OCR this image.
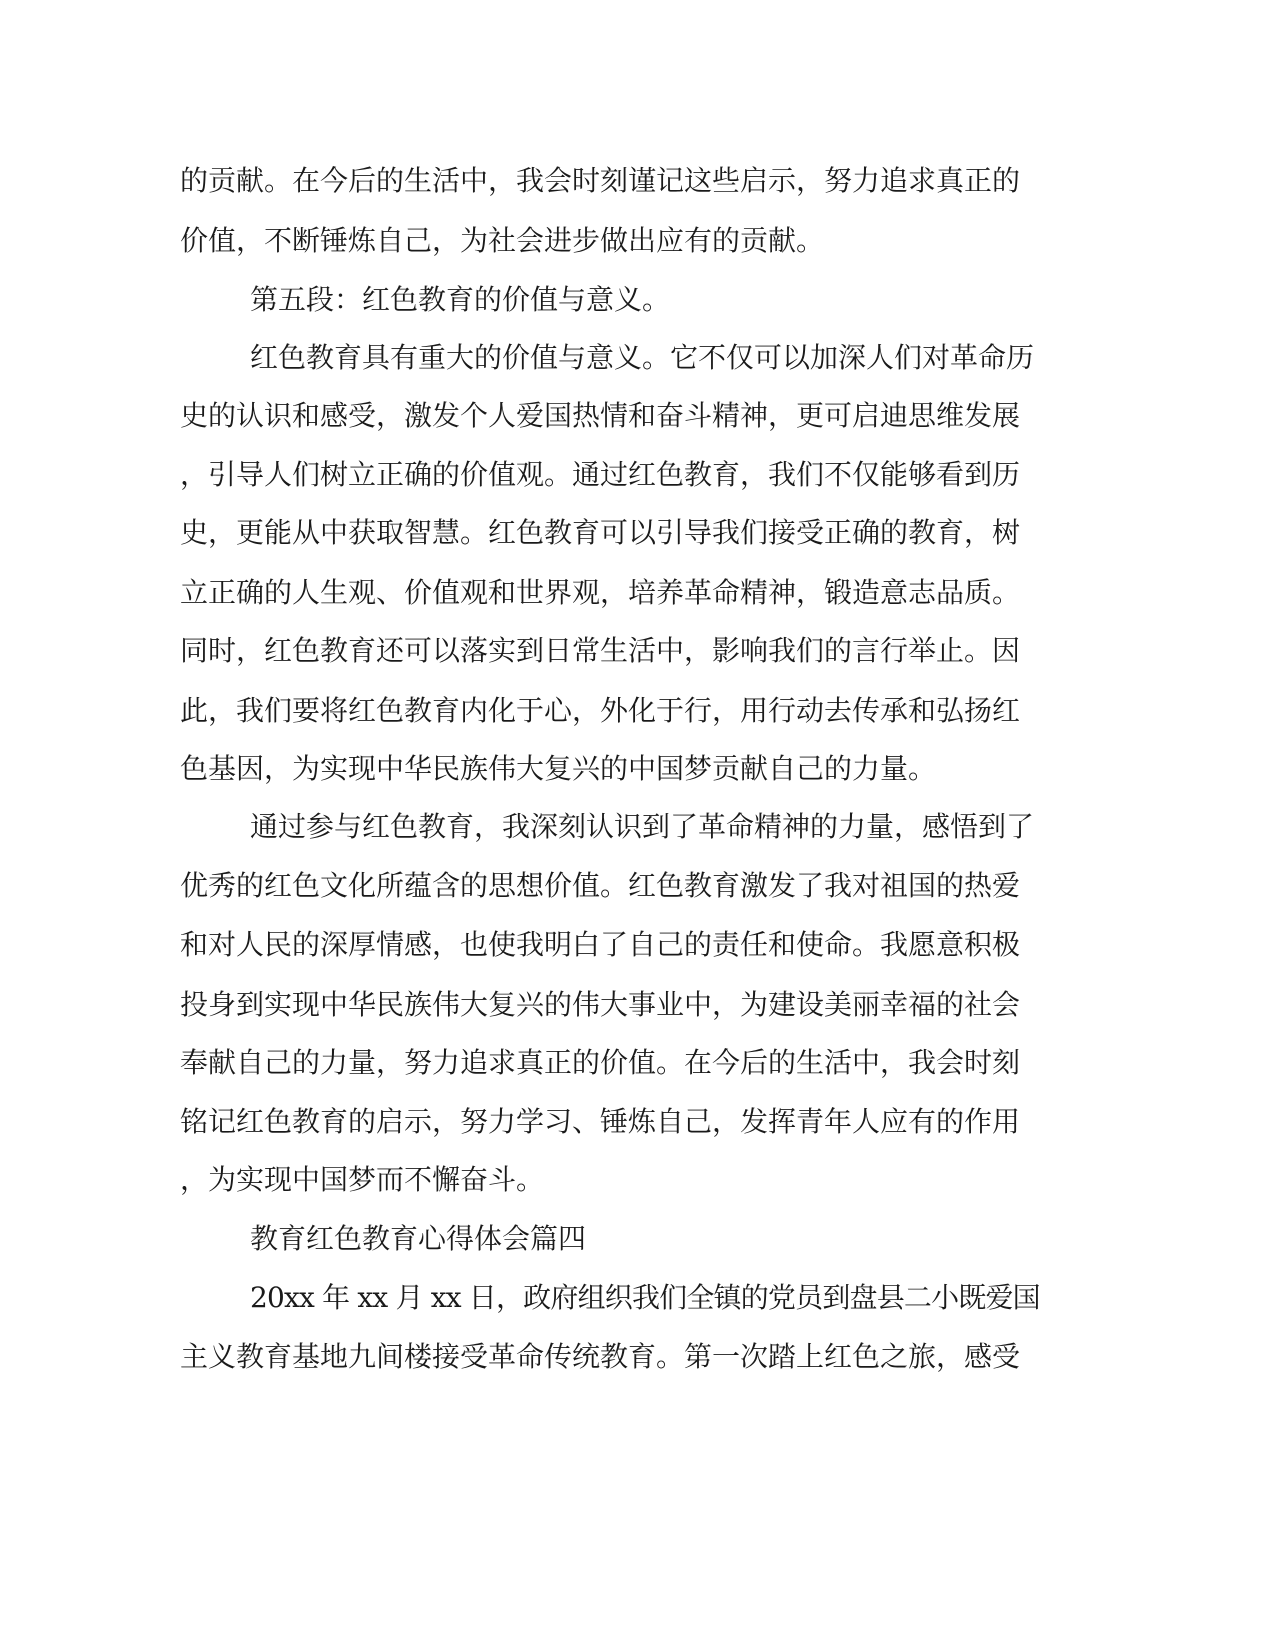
的贡献。在今后的生活中，我会时刻谨记这些启示，努力追求真正的
价值，不断锤炼自己，为社会进步做出应有的贡献。
第五段：红色教育的价值与意义。
红色教育具有重大的价值与意义。它不仅可以加深人们对革命历
史的认识和感受，激发个人爱国热情和奋斗精神，更可启迪思维发展
，引导人们树立正确的价值观。通过红色教育，我们不仅能够看到历
史，更能从中获取智慧。红色教育可以引导我们接受正确的教育，树
立正确的人生观、价值观和世界观，培养革命精神，锻造意志品质。
同时，红色教育还可以落实到日常生活中，影响我们的言行举止。因
此，我们要将红色教育内化于心，外化于行，用行动去传承和弘扬红
色基因，为实现中华民族伟大复兴的中国梦贡献自己的力量。
通过参与红色教育，我深刻认识到了革命精神的力量，感悟到了
优秀的红色文化所蕴含的思想价值。红色教育激发了我对祖国的热爱
和对人民的深厚情感，也使我明白了自己的责任和使命。我愿意积极
投身到实现中华民族伟大复兴的伟大事业中，为建设美丽幸福的社会
奉献自己的力量，努力追求真正的价值。在今后的生活中，我会时刻
铭记红色教育的启示，努力学习、锤炼自己，发挥青年人应有的作用
，为实现中国梦而不懈奋斗。
教育红色教育心得体会篇四
20xx 年 xx 月 xx 日，政府组织我们全镇的党员到盘县二小既爱国
主义教育基地九间楼接受革命传统教育。第一次踏上红色之旅，感受
